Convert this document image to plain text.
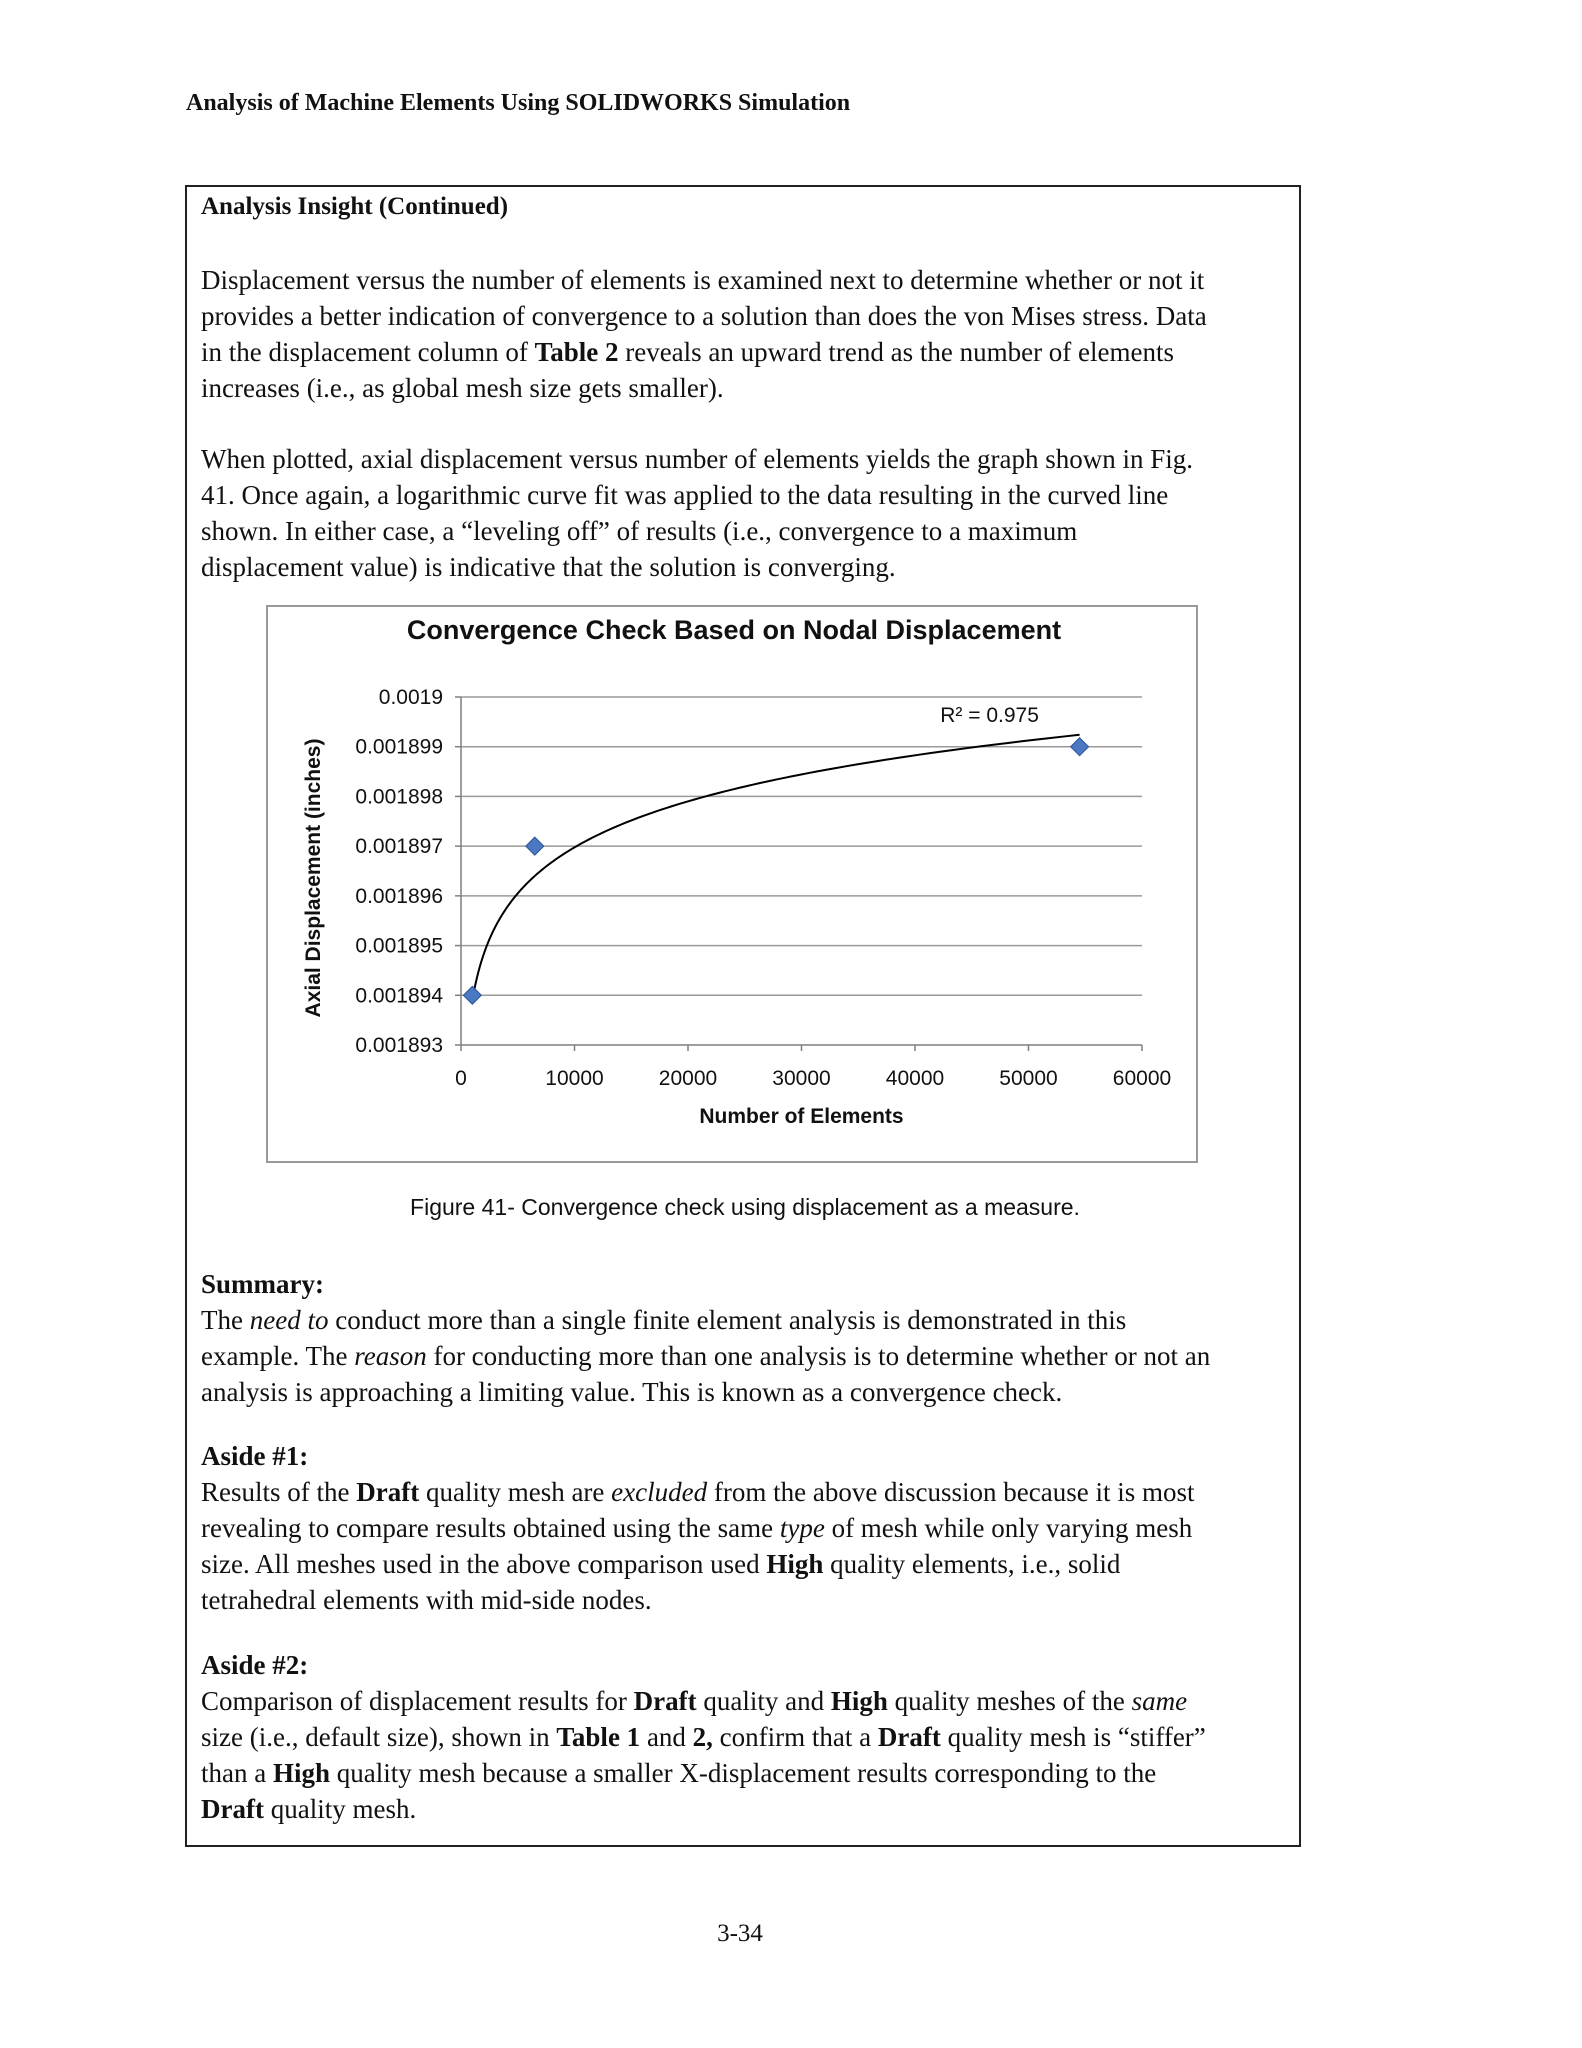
Analysis of Machine Elements Using SOLIDWORKS Simulation
Analysis Insight (Continued)

Displacement versus the number of elements is examined next to determine whether or not it provides a better indication of convergence to a solution than does the von Mises stress. Data in the displacement column of Table 2 reveals an upward trend as the number of elements increases (i.e., as global mesh size gets smaller).

When plotted, axial displacement versus number of elements yields the graph shown in Fig. 41. Once again, a logarithmic curve fit was applied to the data resulting in the curved line shown. In either case, a “leveling off” of results (i.e., convergence to a maximum displacement value) is indicative that the solution is converging.

Convergence Check Based on Nodal Displacement
0.001893
0.001894
0.001895
0.001896
0.001897
0.001898
0.001899
0.0019
0	10000	20000	30000	40000	50000	60000
Number of Elements
Axial Displacement (inches)
R² = 0.975
Figure 41- Convergence check using displacement as a measure.

Summary:
The need to conduct more than a single finite element analysis is demonstrated in this example. The reason for conducting more than one analysis is to determine whether or not an analysis is approaching a limiting value. This is known as a convergence check.

Aside #1:
Results of the Draft quality mesh are excluded from the above discussion because it is most revealing to compare results obtained using the same type of mesh while only varying mesh size. All meshes used in the above comparison used High quality elements, i.e., solid tetrahedral elements with mid-side nodes.

Aside #2:
Comparison of displacement results for Draft quality and High quality meshes of the same size (i.e., default size), shown in Table 1 and 2, confirm that a Draft quality mesh is “stiffer” than a High quality mesh because a smaller X-displacement results corresponding to the Draft quality mesh.

3-34
